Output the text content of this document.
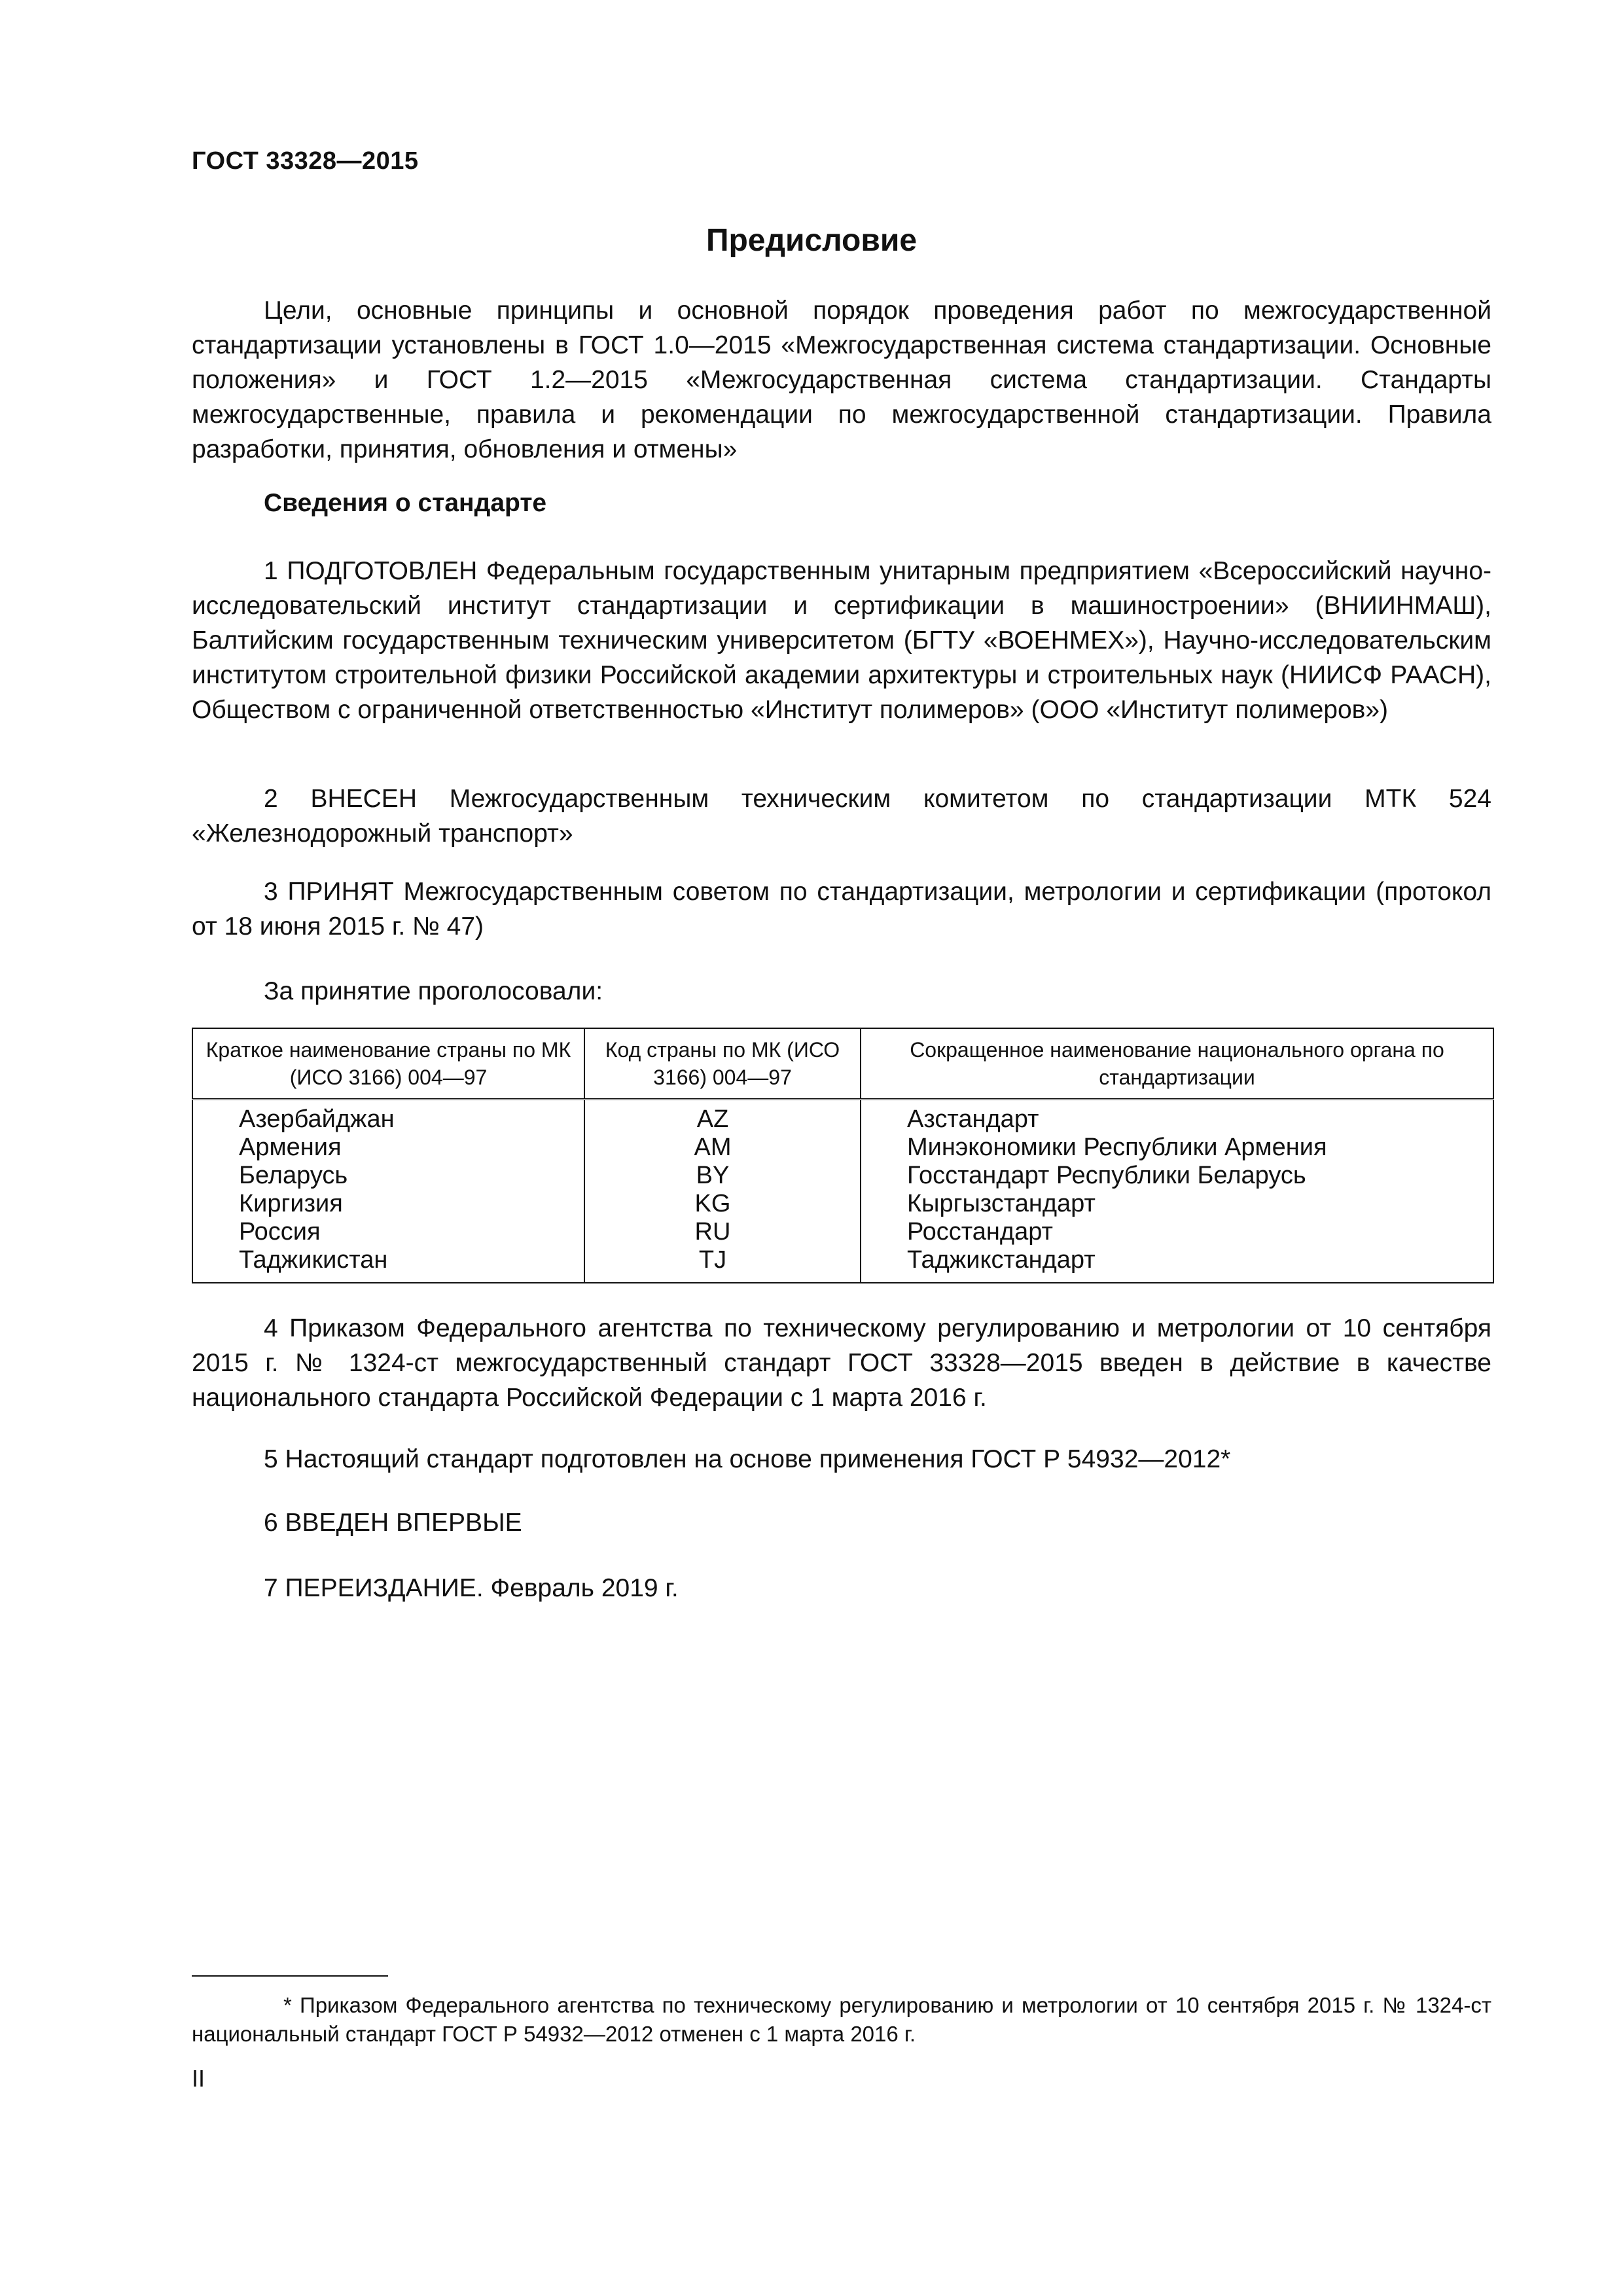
ГОСТ 33328—2015
Предисловие

Цели, основные принципы и основной порядок проведения работ по межгосударственной стандартизации установлены в ГОСТ 1.0—2015 «Межгосударственная система стандартизации. Основные положения» и ГОСТ 1.2—2015 «Межгосударственная система стандартизации. Стандарты межгосударственные, правила и рекомендации по межгосударственной стандартизации. Правила разработки, принятия, обновления и отмены»

Сведения о стандарте

1 ПОДГОТОВЛЕН Федеральным государственным унитарным предприятием «Всероссийский научно-исследовательский институт стандартизации и сертификации в машиностроении» (ВНИИНМАШ), Балтийским государственным техническим университетом (БГТУ «ВОЕНМЕХ»), Научно-исследовательским институтом строительной физики Российской академии архитектуры и строительных наук (НИИСФ РААСН), Обществом с ограниченной ответственностью «Институт полимеров» (ООО «Институт полимеров»)

2 ВНЕСЕН Межгосударственным техническим комитетом по стандартизации МТК 524 «Железнодорожный транспорт»

3 ПРИНЯТ Межгосударственным советом по стандартизации, метрологии и сертификации (протокол от 18 июня 2015 г. № 47)

За принятие проголосовали:
Краткое наименование страны по МК (ИСО 3166) 004—97	Код страны по МК (ИСО 3166) 004—97	Сокращенное наименование национального органа по стандартизации

Азербайджан	AZ	Азстандарт
Армения	AM	Минэкономики Республики Армения
Беларусь	BY	Госстандарт Республики Беларусь
Киргизия	KG	Кыргызстандарт
Россия	RU	Росстандарт
Таджикистан	TJ	Таджикстандарт

4 Приказом Федерального агентства по техническому регулированию и метрологии от 10 сентября 2015 г. № 1324-ст межгосударственный стандарт ГОСТ 33328—2015 введен в действие в качестве национального стандарта Российской Федерации с 1 марта 2016 г.

5 Настоящий стандарт подготовлен на основе применения ГОСТ Р 54932—2012*
6 ВВЕДЕН ВПЕРВЫЕ
7 ПЕРЕИЗДАНИЕ. Февраль 2019 г.

* Приказом Федерального агентства по техническому регулированию и метрологии от 10 сентября 2015 г. № 1324-ст национальный стандарт ГОСТ Р 54932—2012 отменен с 1 марта 2016 г.

II
